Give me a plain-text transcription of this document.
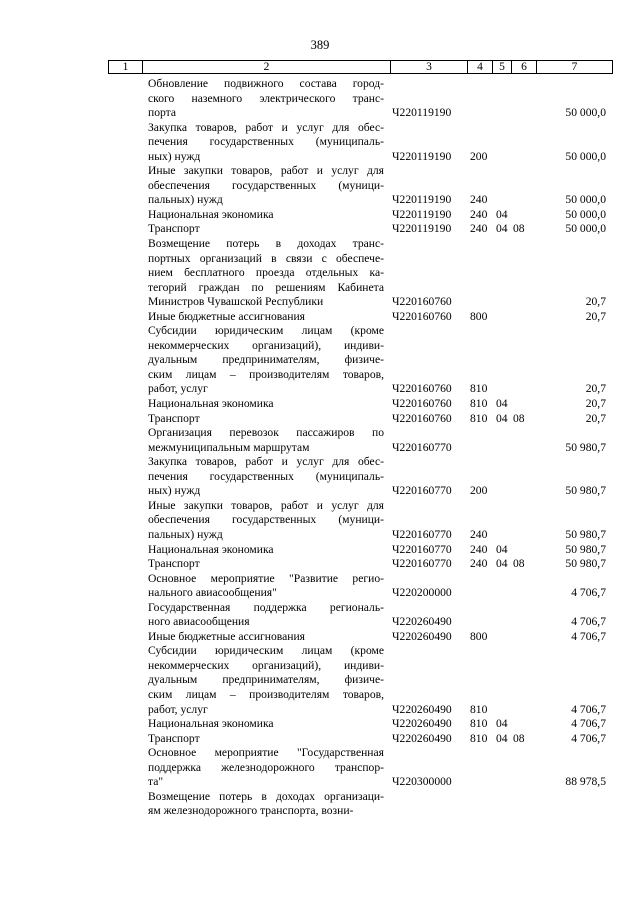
389
1	2	3	4	5	6	7
Обновление подвижного состава город-
ского наземного электрического транс-
порта	Ч220119190	50 000,0
Закупка товаров, работ и услуг для обес-
печения государственных (муниципаль-
ных) нужд	Ч220119190 200	50 000,0
Иные закупки товаров, работ и услуг для
обеспечения государственных (муници-
пальных) нужд	Ч220119190 240	50 000,0
Национальная экономика	Ч220119190 240 04	50 000,0
Транспорт	Ч220119190 240 04 08	50 000,0
Возмещение потерь в доходах транс-
портных организаций в связи с обеспече-
нием бесплатного проезда отдельных ка-
тегорий граждан по решениям Кабинета
Министров Чувашской Республики	Ч220160760	20,7
Иные бюджетные ассигнования	Ч220160760 800	20,7
Субсидии юридическим лицам (кроме
некоммерческих организаций), индиви-
дуальным предпринимателям, физиче-
ским лицам – производителям товаров,
работ, услуг	Ч220160760 810	20,7
Национальная экономика	Ч220160760 810 04	20,7
Транспорт	Ч220160760 810 04 08	20,7
Организация перевозок пассажиров по
межмуниципальным маршрутам	Ч220160770	50 980,7
Закупка товаров, работ и услуг для обес-
печения государственных (муниципаль-
ных) нужд	Ч220160770 200	50 980,7
Иные закупки товаров, работ и услуг для
обеспечения государственных (муници-
пальных) нужд	Ч220160770 240	50 980,7
Национальная экономика	Ч220160770 240 04	50 980,7
Транспорт	Ч220160770 240 04 08	50 980,7
Основное мероприятие "Развитие регио-
нального авиасообщения"	Ч220200000	4 706,7
Государственная поддержка региональ-
ного авиасообщения	Ч220260490	4 706,7
Иные бюджетные ассигнования	Ч220260490 800	4 706,7
Субсидии юридическим лицам (кроме
некоммерческих организаций), индиви-
дуальным предпринимателям, физиче-
ским лицам – производителям товаров,
работ, услуг	Ч220260490 810	4 706,7
Национальная экономика	Ч220260490 810 04	4 706,7
Транспорт	Ч220260490 810 04 08	4 706,7
Основное мероприятие "Государственная
поддержка железнодорожного транспор-
та"	Ч220300000	88 978,5
Возмещение потерь в доходах организаци-
ям железнодорожного транспорта, возни-
